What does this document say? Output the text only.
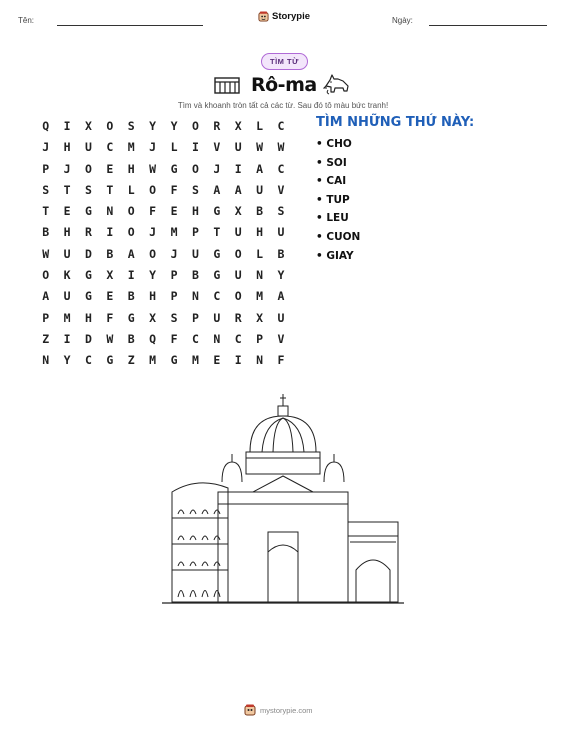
Tên:	Storypie	Ngày:
TÌM TỪ
Rô-ma
Tìm và khoanh tròn tất cả các từ. Sau đó tô màu bức tranh!
Q	I	X	O	S	Y	Y	O	R	X	L	C
J	H	U	C	M	J	L	I	V	U	W	W
P	J	O	E	H	W	G	O	J	I	A	C
S	T	S	T	L	O	F	S	A	A	U	V
T	E	G	N	O	F	E	H	G	X	B	S
B	H	R	I	O	J	M	P	T	U	H	U
W	U	D	B	A	O	J	U	G	O	L	B
O	K	G	X	I	Y	P	B	G	U	N	Y
A	U	G	E	B	H	P	N	C	O	M	A
P	M	H	F	G	X	S	P	U	R	X	U
Z	I	D	W	B	Q	F	C	N	C	P	V
N	Y	C	G	Z	M	G	M	E	I	N	F
TÌM NHỮNG THỨ NÀY:
• CHO
• SOI
• CAI
• TUP
• LEU
• CUON
• GIAY
mystorypie.com
